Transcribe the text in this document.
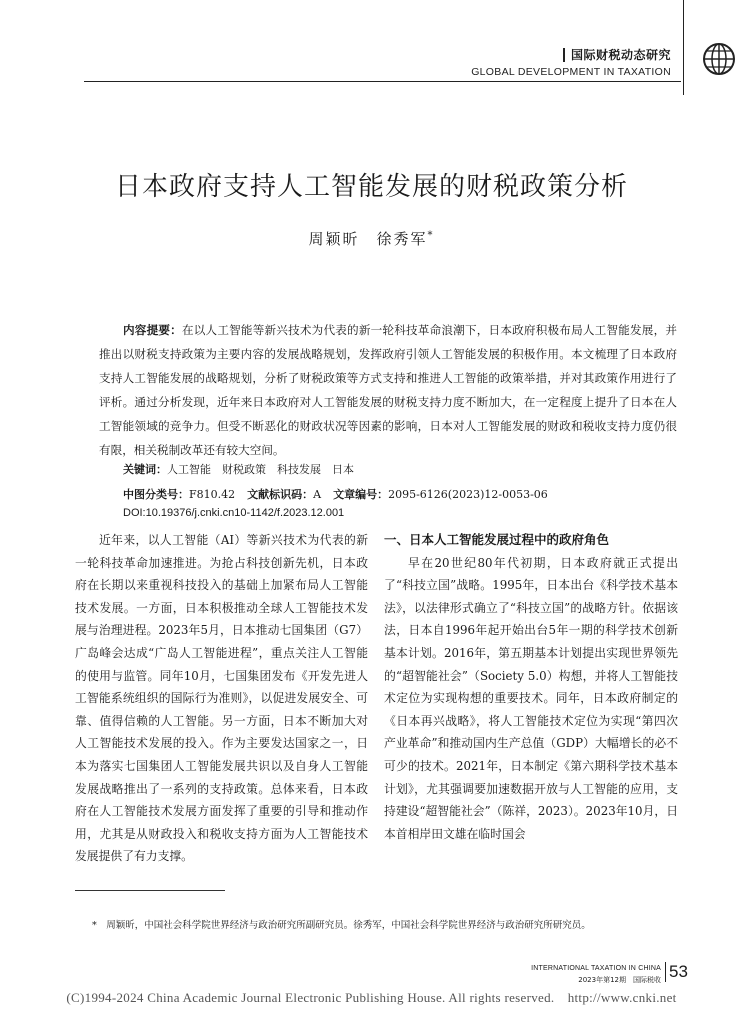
国际财税动态研究
GLOBAL DEVELOPMENT IN TAXATION
日本政府支持人工智能发展的财税政策分析
周颖昕　徐秀军*

内容提要：在以人工智能等新兴技术为代表的新一轮科技革命浪潮下，日本政府积极布局人工智能发展，并推出以财税支持政策为主要内容的发展战略规划，发挥政府引领人工智能发展的积极作用。本文梳理了日本政府支持人工智能发展的战略规划，分析了财税政策等方式支持和推进人工智能的政策举措，并对其政策作用进行了评析。通过分析发现，近年来日本政府对人工智能发展的财税支持力度不断加大，在一定程度上提升了日本在人工智能领域的竞争力。但受不断恶化的财政状况等因素的影响，日本对人工智能发展的财政和税收支持力度仍很有限，相关税制改革还有较大空间。

关键词：人工智能　财税政策　科技发展　日本
中图分类号：F810.42 文献标识码：A 文章编号：2095-6126(2023)12-0053-06
DOI:10.19376/j.cnki.cn10-1142/f.2023.12.001

近年来，以人工智能（AI）等新兴技术为代表的新一轮科技革命加速推进。为抢占科技创新先机，日本政府在长期以来重视科技投入的基础上加紧布局人工智能技术发展。一方面，日本积极推动全球人工智能技术发展与治理进程。2023年5月，日本推动七国集团（G7）广岛峰会达成“广岛人工智能进程”，重点关注人工智能的使用与监管。同年10月，七国集团发布《开发先进人工智能系统组织的国际行为准则》，以促进发展安全、可靠、值得信赖的人工智能。另一方面，日本不断加大对人工智能技术发展的投入。作为主要发达国家之一，日本为落实七国集团人工智能发展共识以及自身人工智能发展战略推出了一系列的支持政策。总体来看，日本政府在人工智能技术发展方面发挥了重要的引导和推动作用，尤其是从财政投入和税收支持方面为人工智能技术发展提供了有力支撑。

一、日本人工智能发展过程中的政府角色

早在20世纪80年代初期，日本政府就正式提出了“科技立国”战略。1995年，日本出台《科学技术基本法》，以法律形式确立了“科技立国”的战略方针。依据该法，日本自1996年起开始出台5年一期的科学技术创新基本计划。2016年，第五期基本计划提出实现世界领先的“超智能社会”（Society 5.0）构想，并将人工智能技术定位为实现构想的重要技术。同年，日本政府制定的《日本再兴战略》，将人工智能技术定位为实现“第四次产业革命”和推动国内生产总值（GDP）大幅增长的必不可少的技术。2021年，日本制定《第六期科学技术基本计划》，尤其强调要加速数据开放与人工智能的应用，支持建设“超智能社会”（陈祥，2023）。2023年10月，日本首相岸田文雄在临时国会

*　周颖昕，中国社会科学院世界经济与政治研究所副研究员。徐秀军，中国社会科学院世界经济与政治研究所研究员。
INTERNATIONAL TAXATION IN CHINA
2023年第12期　国际税收 53
(C)1994-2024 China Academic Journal Electronic Publishing House. All rights reserved.　http://www.cnki.net
